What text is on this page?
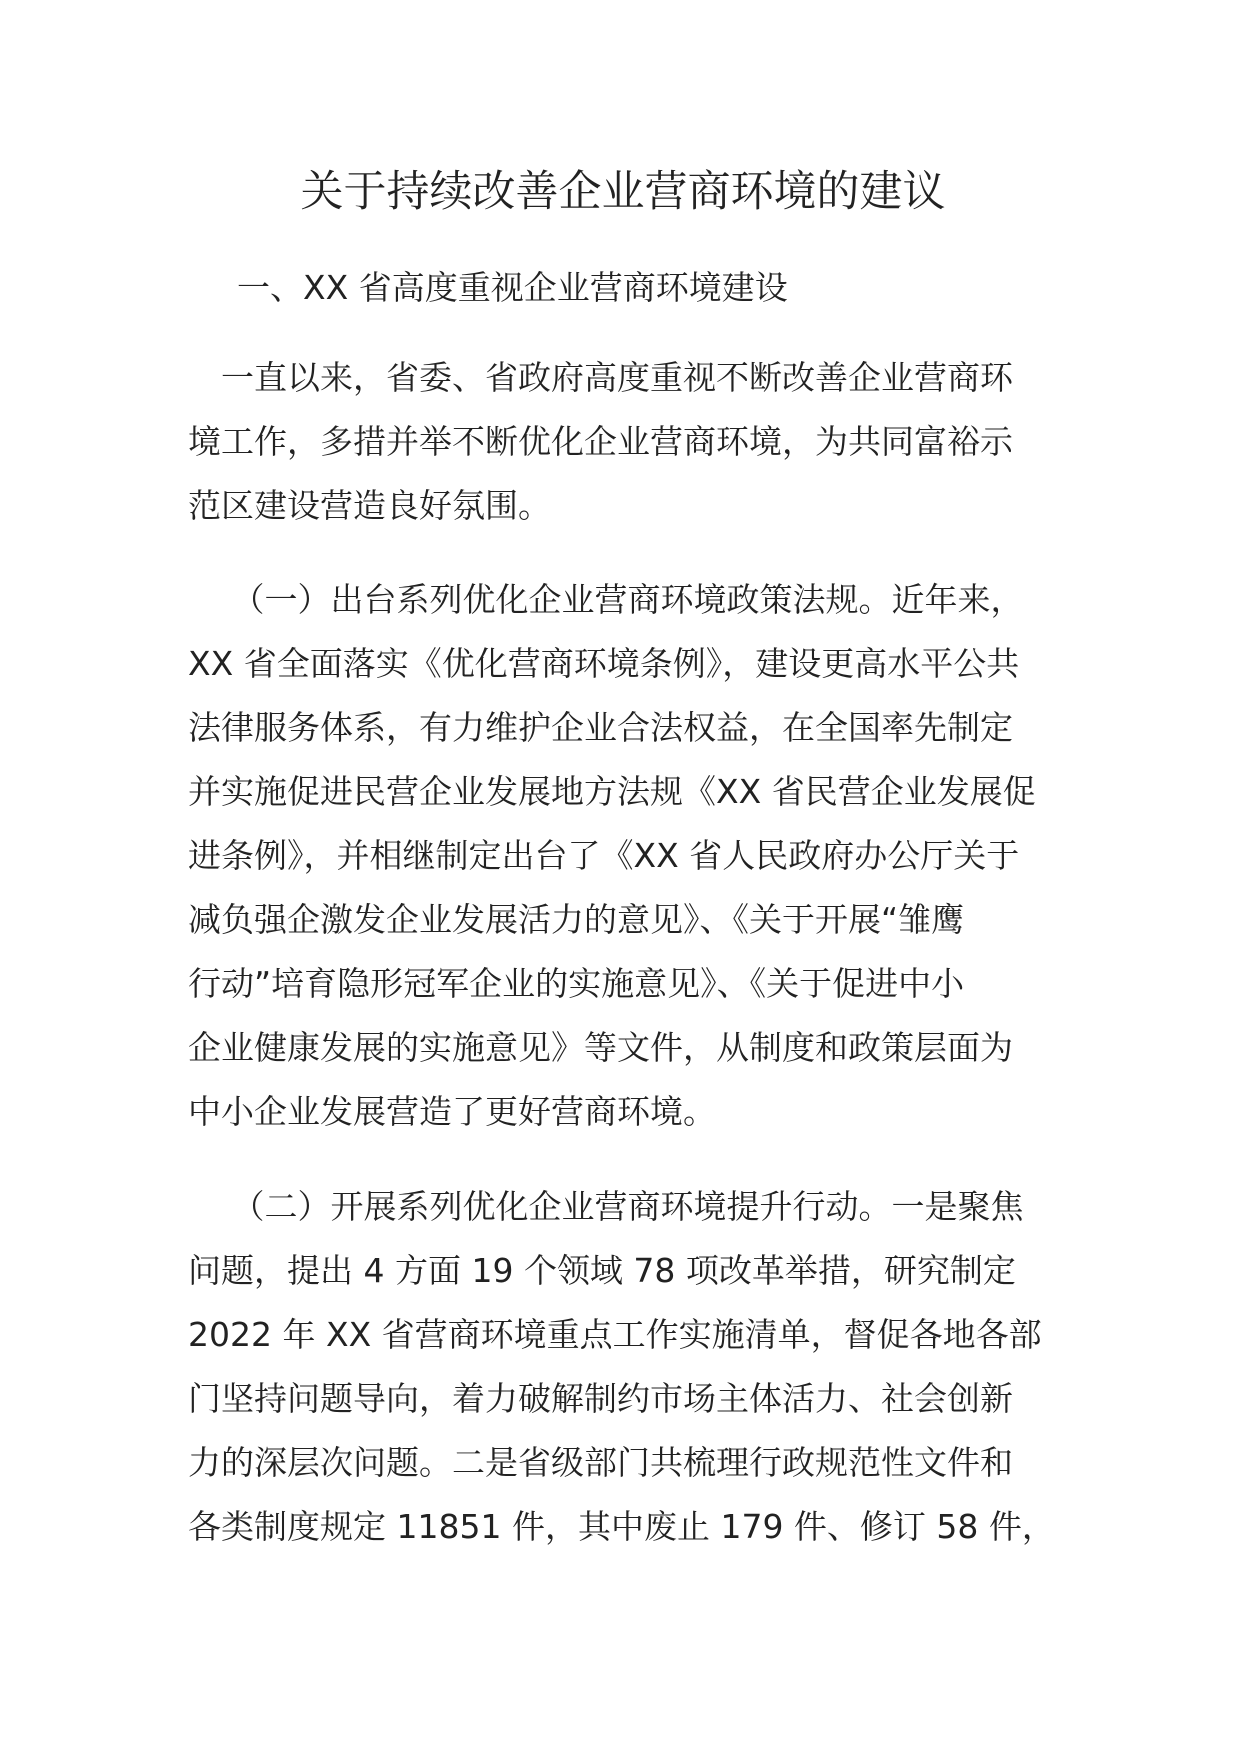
关于持续改善企业营商环境的建议
一、XX 省高度重视企业营商环境建设

　一直以来，省委、省政府高度重视不断改善企业营商环
境工作，多措并举不断优化企业营商环境，为共同富裕示
范区建设营造良好氛围。

　 （一）出台系列优化企业营商环境政策法规。近年来，
XX 省全面落实《优化营商环境条例》，建设更高水平公共
法律服务体系，有力维护企业合法权益，在全国率先制定
并实施促进民营企业发展地方法规《XX 省民营企业发展促
进条例》，并相继制定出台了《XX 省人民政府办公厅关于
减负强企激发企业发展活力的意见》、《关于开展“雏鹰
行动”培育隐形冠军企业的实施意见》、《关于促进中小
企业健康发展的实施意见》等文件，从制度和政策层面为
中小企业发展营造了更好营商环境。

　 （二）开展系列优化企业营商环境提升行动。一是聚焦
问题，提出 4 方面 19 个领域 78 项改革举措，研究制定
2022 年 XX 省营商环境重点工作实施清单，督促各地各部
门坚持问题导向，着力破解制约市场主体活力、社会创新
力的深层次问题。二是省级部门共梳理行政规范性文件和
各类制度规定 11851 件，其中废止 179 件、修订 58 件，
